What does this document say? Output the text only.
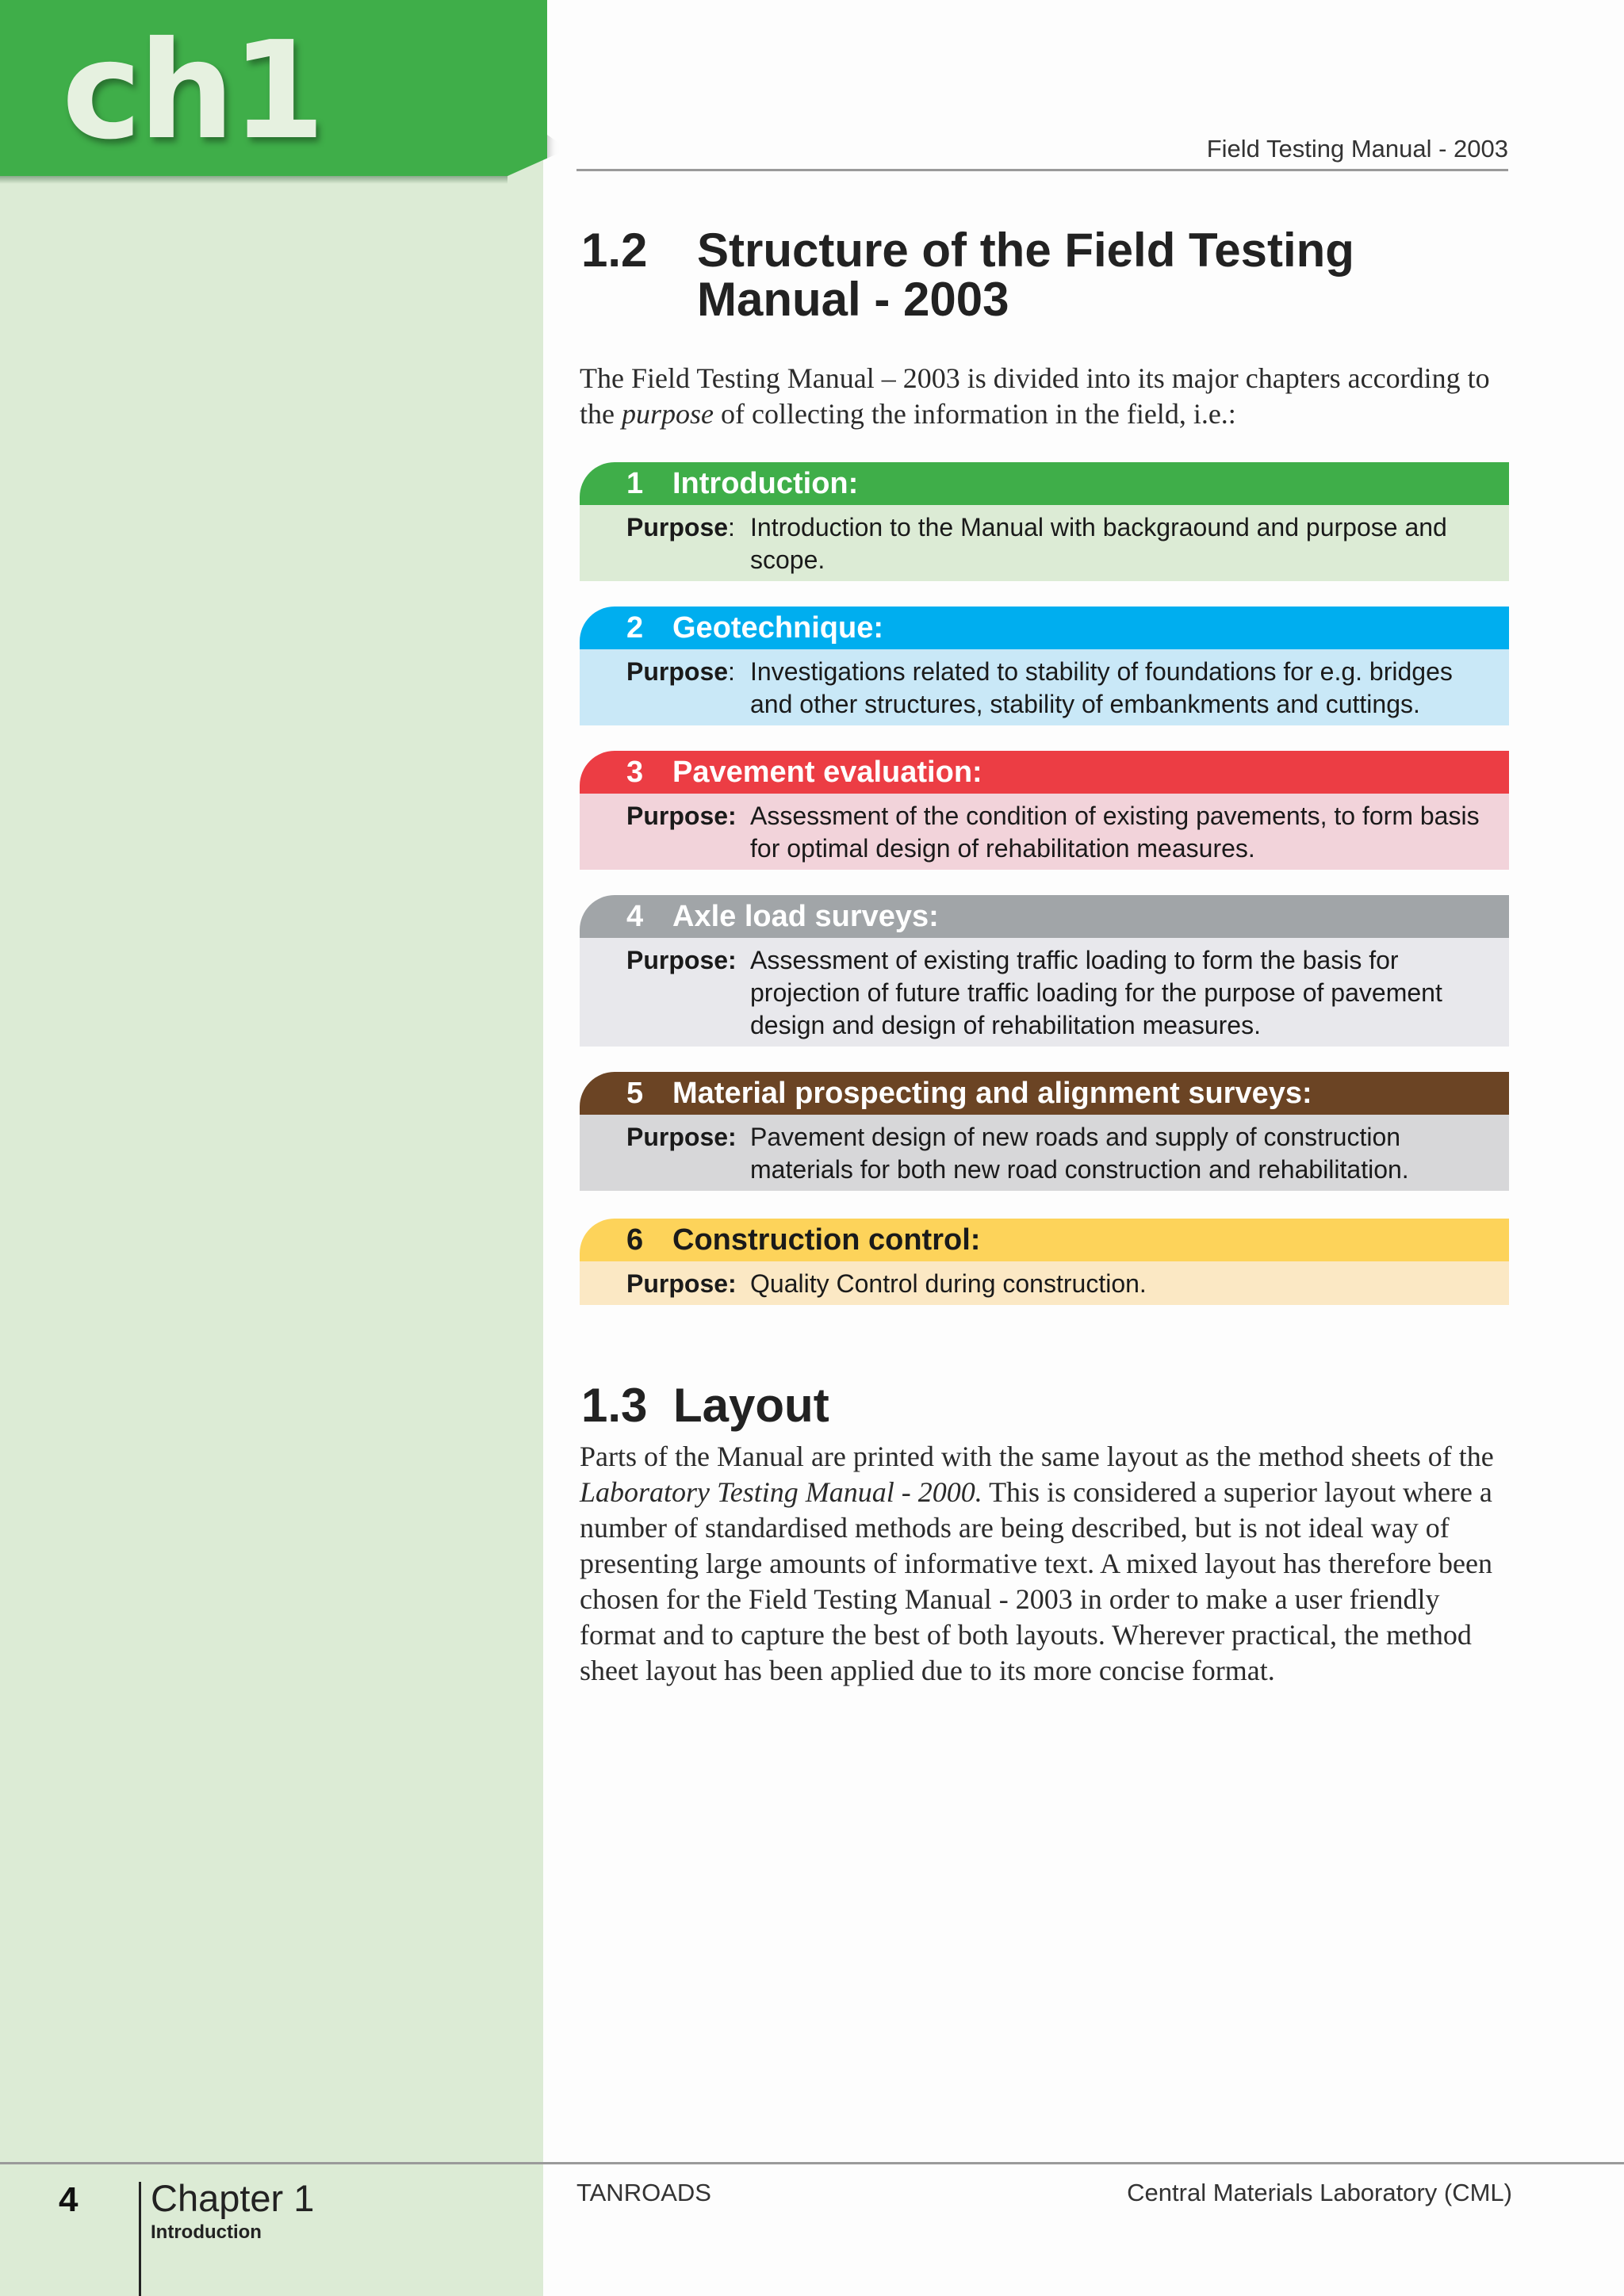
ch1	Field Testing Manual - 2003
1.2 Structure of the Field Testing Manual - 2003
The Field Testing Manual – 2003 is divided into its major chapters according to the purpose of collecting the information in the field, i.e.:
1 Introduction:
Purpose: Introduction to the Manual with backgraound and purpose and scope.
2 Geotechnique:
Purpose: Investigations related to stability of foundations for e.g. bridges and other structures, stability of embankments and cuttings.
3 Pavement evaluation:
Purpose: Assessment of the condition of existing pavements, to form basis for optimal design of rehabilitation measures.
4 Axle load surveys:
Purpose: Assessment of existing traffic loading to form the basis for projection of future traffic loading for the purpose of pavement design and design of rehabilitation measures.
5 Material prospecting and alignment surveys:
Purpose: Pavement design of new roads and supply of construction materials for both new road construction and rehabilitation.
6 Construction control:
Purpose: Quality Control during construction.
1.3 Layout
Parts of the Manual are printed with the same layout as the method sheets of the Laboratory Testing Manual - 2000. This is considered a superior layout where a number of standardised methods are being described, but is not ideal way of presenting large amounts of informative text. A mixed layout has therefore been chosen for the Field Testing Manual - 2003 in order to make a user friendly format and to capture the best of both layouts. Wherever practical, the method sheet layout has been applied due to its more concise format.
4 Chapter 1
Introduction
TANROADS	Central Materials Laboratory (CML)
